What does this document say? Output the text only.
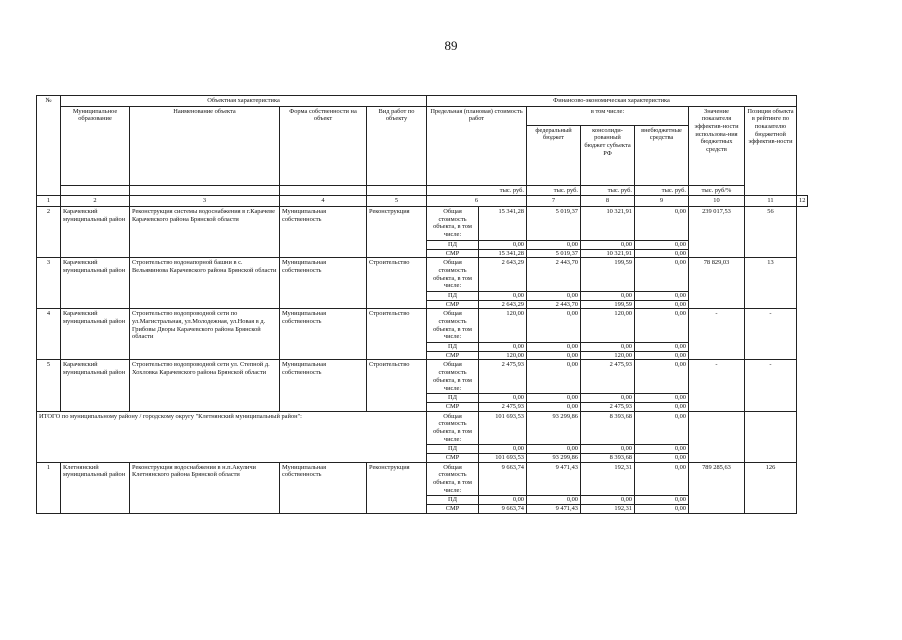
89
№	Объектная характеристика				Финансово-экономическая характеристика							
	Муниципальное образование	Наименование объекта	Форма собственности на объект	Вид работ по объекту	Предельная (плановая) стоимость работ		в том числе:			Значение показателя эффектив-ности использова-ния бюджетных средств	Позиция объекта в рейтинге по показателю бюджетной эффектив-ности	
							федеральный бюджет	консолиди-рованный бюджет субъекта РФ	внебюджетные средства			
					тыс. руб.		тыс. руб.	тыс. руб.	тыс. руб.	тыс. руб/%		
1	2	3	4	5	6		7	8	9	10	11	12
2	Карачевский муниципальный район	Реконструкция системы водоснабжения в г.Карачеве Карачевского района Брянской области	Муниципальная собственность	Реконструкция	Общая стоимость объекта, в том числе:	15 341,28	5 019,37	10 321,91	0,00	239 017,53	56	
					ПД	0,00	0,00	0,00	0,00			
					СМР	15 341,28	5 019,37	10 321,91	0,00			
3	Карачевский муниципальный район	Строительство водонапорной башни в с. Вельяминова Карачевского района Брянской области	Муниципальная собственность	Строительство	Общая стоимость объекта, в том числе:	2 643,29	2 443,70	199,59	0,00	78 829,03	13	
					ПД	0,00	0,00	0,00	0,00			
					СМР	2 643,29	2 443,70	199,59	0,00			
4	Карачевский муниципальный район	Строительство водопроводной сети по ул.Магистральная, ул.Молодежная, ул.Новая в д. Грибовы Дворы Карачевского района Брянской области	Муниципальная собственность	Строительство	Общая стоимость объекта, в том числе:	120,00	0,00	120,00	0,00	-	-	
					ПД	0,00	0,00	0,00	0,00			
					СМР	120,00	0,00	120,00	0,00			
5	Карачевский муниципальный район	Строительство водопроводной сети ул. Степной д. Хохловка Карачевского района Брянской области	Муниципальная собственность	Строительство	Общая стоимость объекта, в том числе:	2 475,93	0,00	2 475,93	0,00	-	-	
					ПД	0,00	0,00	0,00	0,00			
					СМР	2 475,93	0,00	2 475,93	0,00			
ИТОГО по муниципальному району / городскому округу "Клетнянский муниципальный район":					Общая стоимость объекта, в том числе:	101 693,53	93 299,86	8 393,68	0,00			
					ПД	0,00	0,00	0,00	0,00			
					СМР	101 693,53	93 299,86	8 393,68	0,00			
1	Клетнянский муниципальный район	Реконструкция водоснабжения в н.п.Акуличи Клетнянского района Брянской области	Муниципальная собственность	Реконструкция	Общая стоимость объекта, в том числе:	9 663,74	9 471,43	192,31	0,00	789 285,63	126	
					ПД	0,00	0,00	0,00	0,00			
					СМР	9 663,74	9 471,43	192,31	0,00			
